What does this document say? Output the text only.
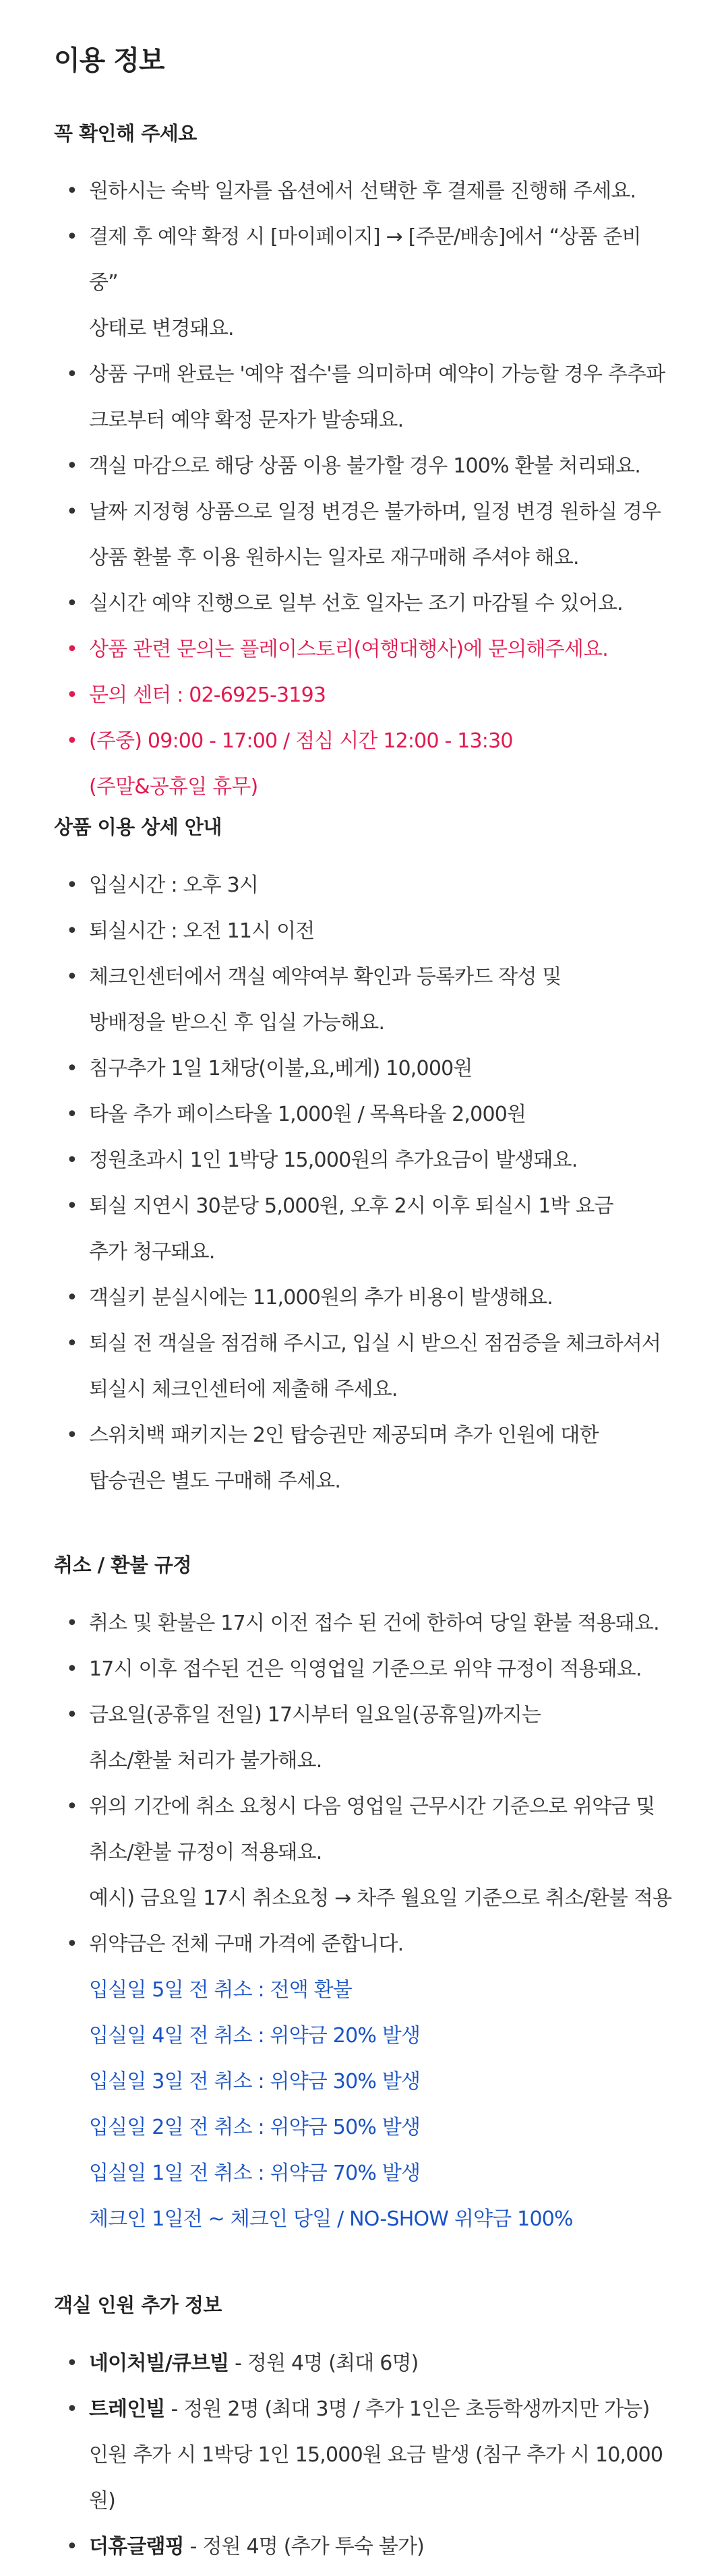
이용 정보
꼭 확인해 주세요
• 원하시는 숙박 일자를 옵션에서 선택한 후 결제를 진행해 주세요.
• 결제 후 예약 확정 시 [마이페이지] → [주문/배송]에서 “상품 준비 중”
상태로 변경돼요.
• 상품 구매 완료는 '예약 접수'를 의미하며 예약이 가능할 경우 추추파
크로부터 예약 확정 문자가 발송돼요.
• 객실 마감으로 해당 상품 이용 불가할 경우 100% 환불 처리돼요.
• 날짜 지정형 상품으로 일정 변경은 불가하며, 일정 변경 원하실 경우
상품 환불 후 이용 원하시는 일자로 재구매해 주셔야 해요.
• 실시간 예약 진행으로 일부 선호 일자는 조기 마감될 수 있어요.
• 상품 관련 문의는 플레이스토리(여행대행사)에 문의해주세요.
• 문의 센터 : 02-6925-3193
• (주중) 09:00 - 17:00 / 점심 시간 12:00 - 13:30
(주말&공휴일 휴무)
상품 이용 상세 안내
• 입실시간 : 오후 3시
• 퇴실시간 : 오전 11시 이전
• 체크인센터에서 객실 예약여부 확인과 등록카드 작성 및
방배정을 받으신 후 입실 가능해요.
• 침구추가 1일 1채당(이불,요,베게) 10,000원
• 타올 추가 페이스타올 1,000원 / 목욕타올 2,000원
• 정원초과시 1인 1박당 15,000원의 추가요금이 발생돼요.
• 퇴실 지연시 30분당 5,000원, 오후 2시 이후 퇴실시 1박 요금
추가 청구돼요.
• 객실키 분실시에는 11,000원의 추가 비용이 발생해요.
• 퇴실 전 객실을 점검해 주시고, 입실 시 받으신 점검증을 체크하셔서
퇴실시 체크인센터에 제출해 주세요.
• 스위치백 패키지는 2인 탑승권만 제공되며 추가 인원에 대한
탑승권은 별도 구매해 주세요.
취소 / 환불 규정
• 취소 및 환불은 17시 이전 접수 된 건에 한하여 당일 환불 적용돼요.
• 17시 이후 접수된 건은 익영업일 기준으로 위약 규정이 적용돼요.
• 금요일(공휴일 전일) 17시부터 일요일(공휴일)까지는
취소/환불 처리가 불가해요.
• 위의 기간에 취소 요청시 다음 영업일 근무시간 기준으로 위약금 및
취소/환불 규정이 적용돼요.
예시) 금요일 17시 취소요청 → 차주 월요일 기준으로 취소/환불 적용
• 위약금은 전체 구매 가격에 준합니다.
입실일 5일 전 취소 : 전액 환불
입실일 4일 전 취소 : 위약금 20% 발생
입실일 3일 전 취소 : 위약금 30% 발생
입실일 2일 전 취소 : 위약금 50% 발생
입실일 1일 전 취소 : 위약금 70% 발생
체크인 1일전 ~ 체크인 당일 / NO-SHOW 위약금 100%
객실 인원 추가 정보
• 네이처빌/큐브빌 - 정원 4명 (최대 6명)
• 트레인빌 - 정원 2명 (최대 3명 / 추가 1인은 초등학생까지만 가능)
인원 추가 시 1박당 1인 15,000원 요금 발생 (침구 추가 시 10,000원)
• 더휴글램핑 - 정원 4명 (추가 투숙 불가)
